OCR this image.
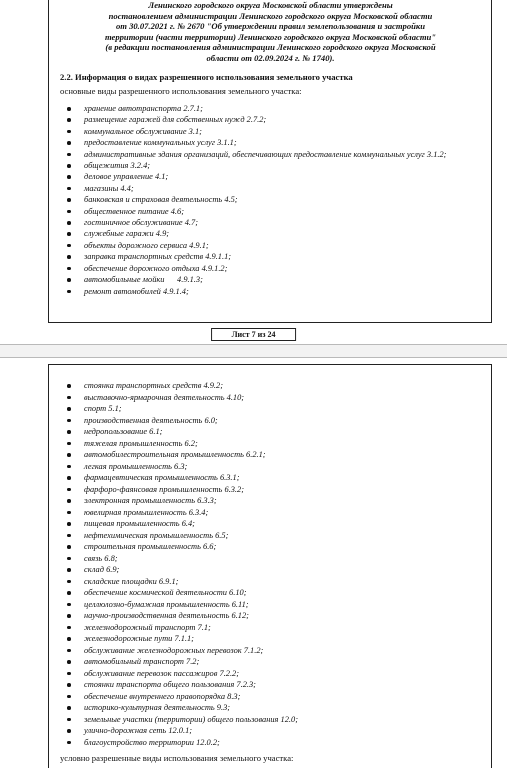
Ленинского городского округа Московской области утверждены
постановлением администрации Ленинского городского округа Московской области
от 30.07.2021 г. № 2670 "Об утверждении правил землепользования и застройки
территории (части территории) Ленинского городского округа Московской области"
(в редакции постановления администрации Ленинского городского округа Московской
области от 02.09.2024 г. № 1740).
2.2. Информация о видах разрешенного использования земельного участка
основные виды разрешенного использования земельного участка:
хранение автотранспорта 2.7.1;
размещение гаражей для собственных нужд 2.7.2;
коммунальное обслуживание 3.1;
предоставление коммунальных услуг 3.1.1;
административные здания организаций, обеспечивающих предоставление коммунальных услуг 3.1.2;
общежития 3.2.4;
деловое управление 4.1;
магазины 4.4;
банковская и страховая деятельность 4.5;
общественное питание 4.6;
гостиничное обслуживание 4.7;
служебные гаражи 4.9;
объекты дорожного сервиса 4.9.1;
заправка транспортных средств 4.9.1.1;
обеспечение дорожного отдыха 4.9.1.2;
автомобильные мойки      4.9.1.3;
ремонт автомобилей 4.9.1.4;
Лист 7 из 24
стоянка транспортных средств 4.9.2;
выставочно-ярмарочная деятельность 4.10;
спорт 5.1;
производственная деятельность 6.0;
недропользование 6.1;
тяжелая промышленность 6.2;
автомобилестроительная промышленность 6.2.1;
легкая промышленность 6.3;
фармацевтическая промышленность 6.3.1;
фарфоро-фаянсовая промышленность 6.3.2;
электронная промышленность 6.3.3;
ювелирная промышленность 6.3.4;
пищевая промышленность 6.4;
нефтехимическая промышленность 6.5;
строительная промышленность 6.6;
связь 6.8;
склад 6.9;
складские площадки 6.9.1;
обеспечение космической деятельности 6.10;
целлюлозно-бумажная промышленность 6.11;
научно-производственная деятельность 6.12;
железнодорожный транспорт 7.1;
железнодорожные пути 7.1.1;
обслуживание железнодорожных перевозок 7.1.2;
автомобильный транспорт 7.2;
обслуживание перевозок пассажиров 7.2.2;
стоянки транспорта общего пользования 7.2.3;
обеспечение внутреннего правопорядка 8.3;
историко-культурная деятельность 9.3;
земельные участки (территории) общего пользования 12.0;
улично-дорожная сеть 12.0.1;
благоустройство территории 12.0.2;
условно разрешенные виды использования земельного участка:
